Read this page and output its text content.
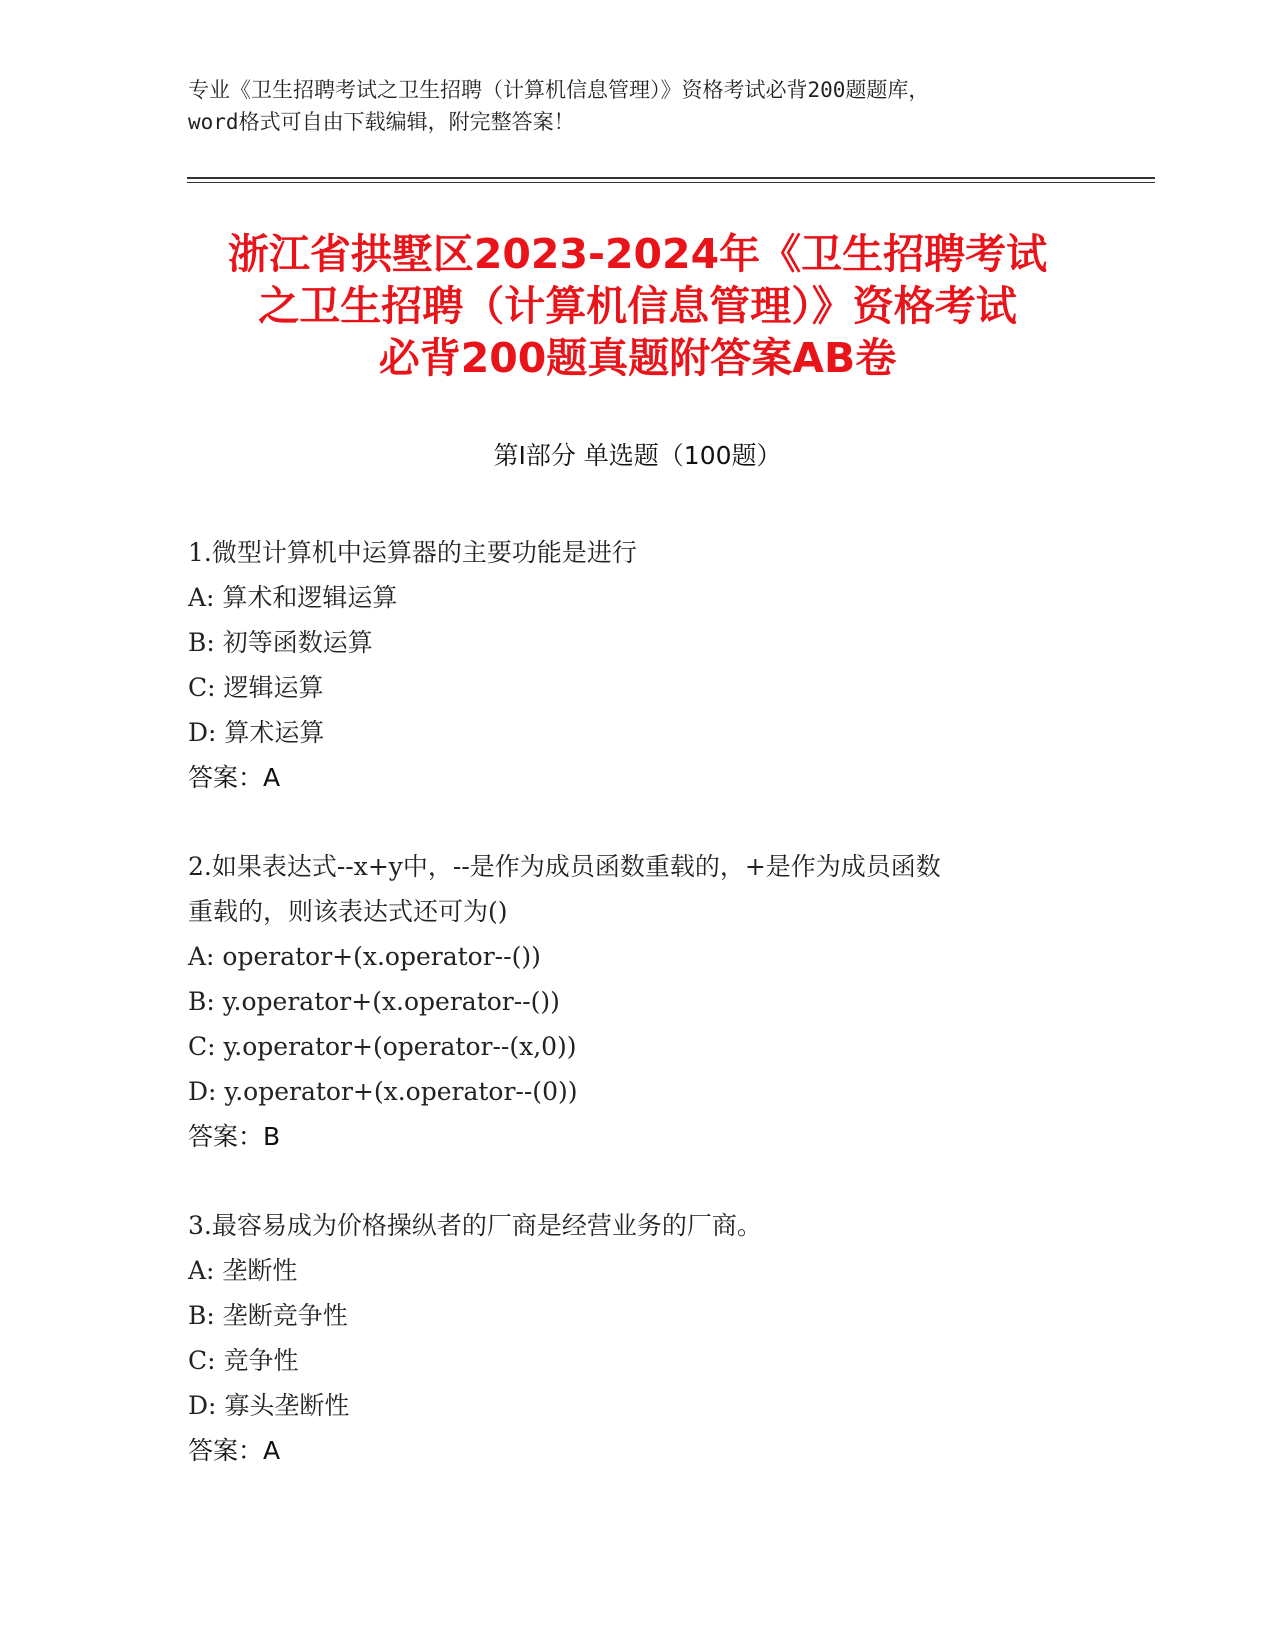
专业《卫生招聘考试之卫生招聘（计算机信息管理）》资格考试必背200题题库，
word格式可自由下载编辑，附完整答案！
浙江省拱墅区2023-2024年《卫生招聘考试
之卫生招聘（计算机信息管理）》资格考试
必背200题真题附答案AB卷
第Ⅰ部分 单选题（100题）
1.微型计算机中运算器的主要功能是进行
A: 算术和逻辑运算
B: 初等函数运算
C: 逻辑运算
D: 算术运算
答案：A
2.如果表达式--x+y中，--是作为成员函数重载的，+是作为成员函数
重载的，则该表达式还可为()
A: operator+(x.operator--())
B: y.operator+(x.operator--())
C: y.operator+(operator--(x,0))
D: y.operator+(x.operator--(0))
答案：B
3.最容易成为价格操纵者的厂商是经营业务的厂商。
A: 垄断性
B: 垄断竞争性
C: 竞争性
D: 寡头垄断性
答案：A
